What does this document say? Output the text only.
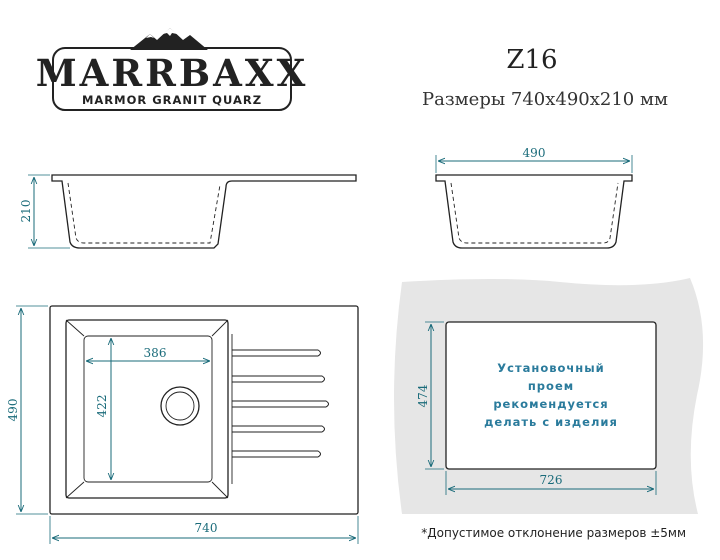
MARRBAXX
MARMOR GRANIT QUARZ
Z16
Размеры 740x490x210 мм
210
490
386
422
490
740
Установочный
проем
рекомендуется
делать с изделия
474
726
*Допустимое отклонение размеров ±5мм
